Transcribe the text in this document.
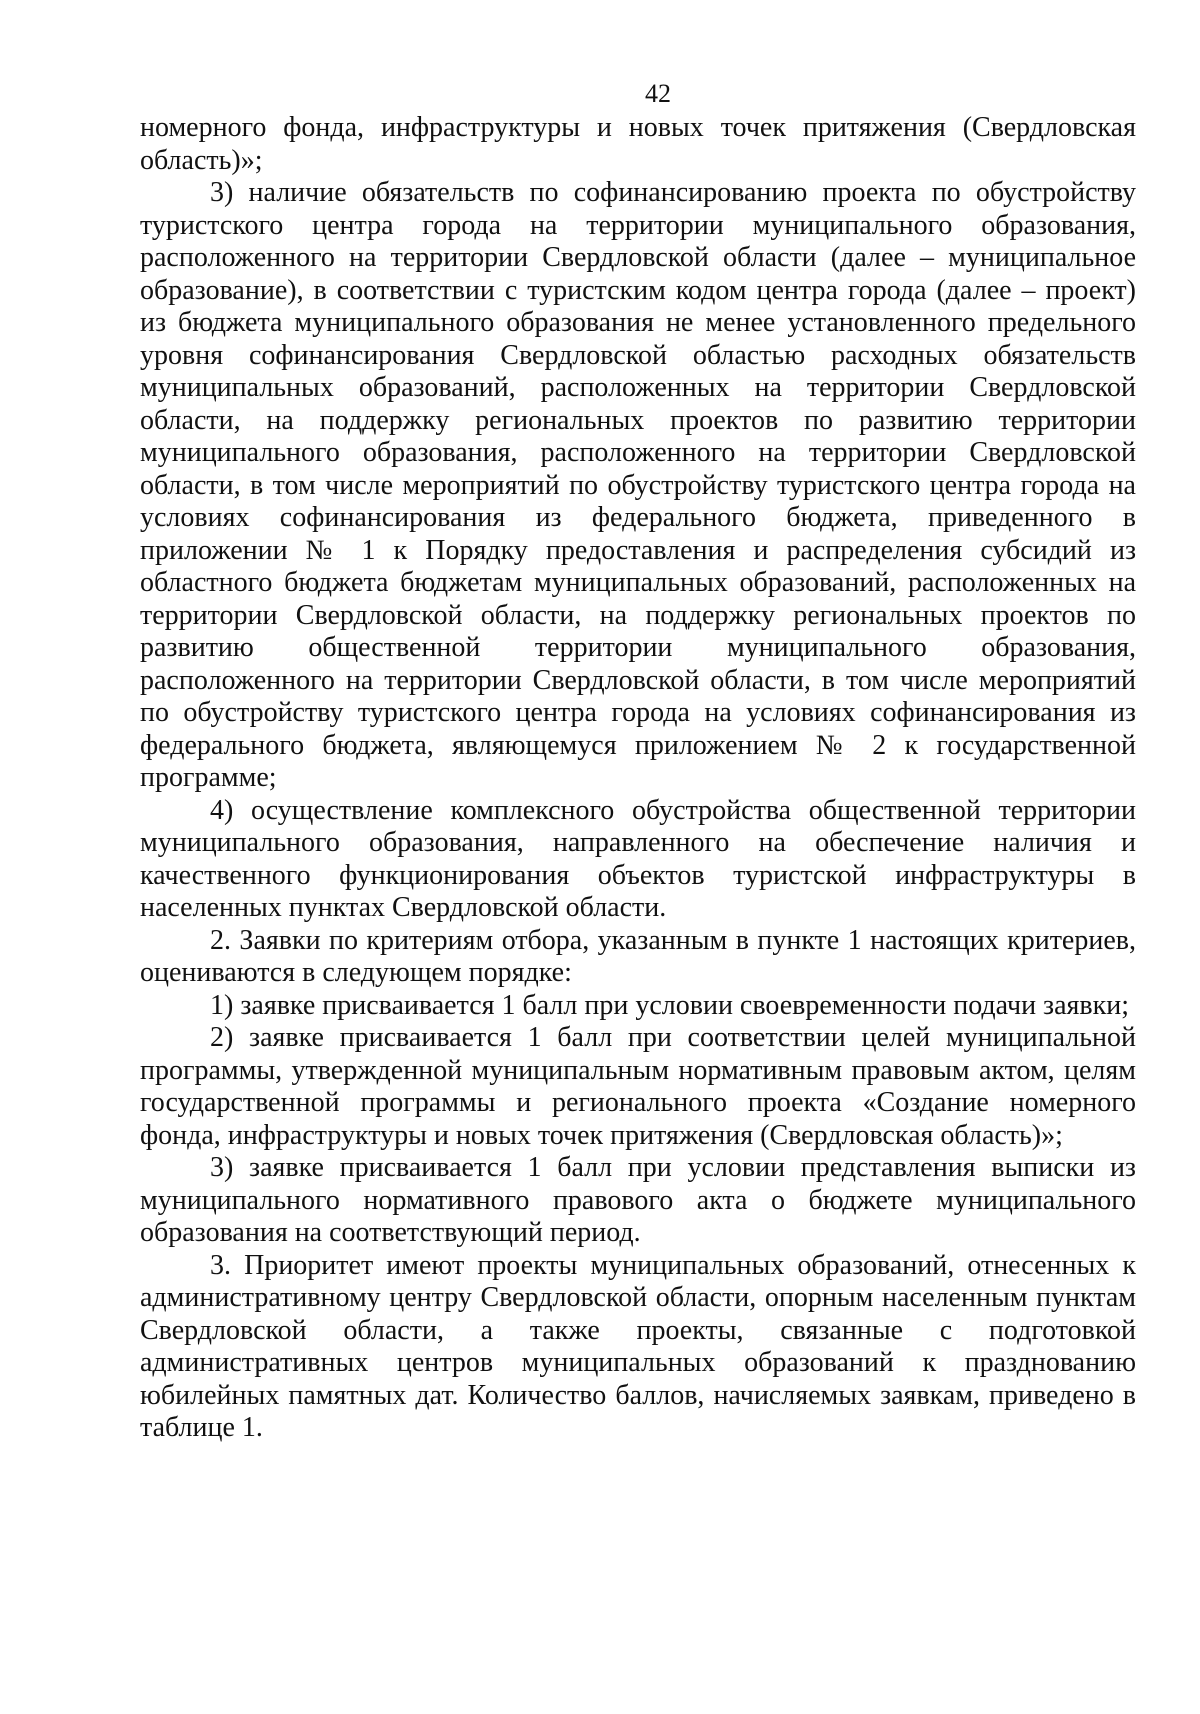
42

номерного фонда, инфраструктуры и новых точек притяжения (Свердловская область)»;

3) наличие обязательств по софинансированию проекта по обустройству туристского центра города на территории муниципального образования, расположенного на территории Свердловской области (далее – муниципальное образование), в соответствии с туристским кодом центра города (далее – проект) из бюджета муниципального образования не менее установленного предельного уровня софинансирования Свердловской областью расходных обязательств муниципальных образований, расположенных на территории Свердловской области, на поддержку региональных проектов по развитию территории муниципального образования, расположенного на территории Свердловской области, в том числе мероприятий по обустройству туристского центра города на условиях софинансирования из федерального бюджета, приведенного в приложении № 1 к Порядку предоставления и распределения субсидий из областного бюджета бюджетам муниципальных образований, расположенных на территории Свердловской области, на поддержку региональных проектов по развитию общественной территории муниципального образования, расположенного на территории Свердловской области, в том числе мероприятий по обустройству туристского центра города на условиях софинансирования из федерального бюджета, являющемуся приложением № 2 к государственной программе;

4) осуществление комплексного обустройства общественной территории муниципального образования, направленного на обеспечение наличия и качественного функционирования объектов туристской инфраструктуры в населенных пунктах Свердловской области.

2. Заявки по критериям отбора, указанным в пункте 1 настоящих критериев, оцениваются в следующем порядке:

1) заявке присваивается 1 балл при условии своевременности подачи заявки;

2) заявке присваивается 1 балл при соответствии целей муниципальной программы, утвержденной муниципальным нормативным правовым актом, целям государственной программы и регионального проекта «Создание номерного фонда, инфраструктуры и новых точек притяжения (Свердловская область)»;

3) заявке присваивается 1 балл при условии представления выписки из муниципального нормативного правового акта о бюджете муниципального образования на соответствующий период.

3. Приоритет имеют проекты муниципальных образований, отнесенных к административному центру Свердловской области, опорным населенным пунктам Свердловской области, а также проекты, связанные с подготовкой административных центров муниципальных образований к празднованию юбилейных памятных дат. Количество баллов, начисляемых заявкам, приведено в таблице 1.
